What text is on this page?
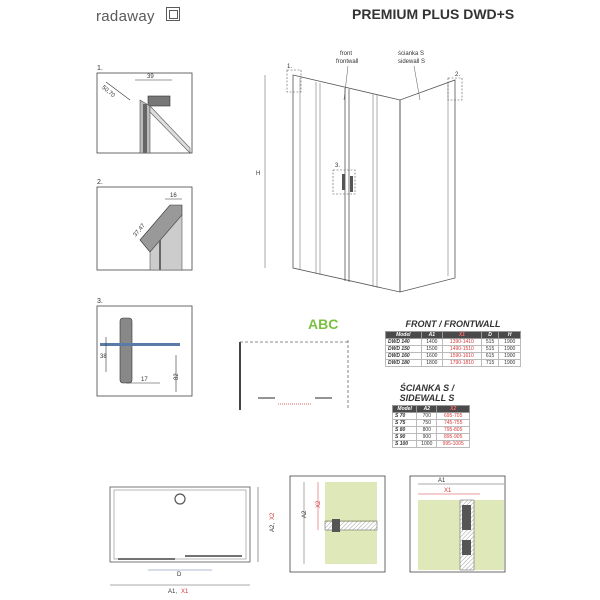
radaway	PREMIUM PLUS DWD+S
1.
39
50,70
2.
16
37,47
3.
38
17	82
front
frontwall
ścianka S
sidewall S
H
1.
2.
3.
D
A1, X1
A2,
X2	A2
X2
A1
X1
ABC	FRONT / FRONTWALL
Model	A1	X1	D	H
DWD 140	1400	1390-1410	515	1900
DWD 150	1500	1490-1510	515	1900
DWD 160	1600	1590-1610	615	1900
DWD 180	1800	1790-1810	715	1900
ŚCIANKA S /
SIDEWALL S
Model	A2	X2
S 70	700	695-705
S 75	750	745-755
S 80	800	795-805
S 90	900	895-905
S 100	1000	995-1005
